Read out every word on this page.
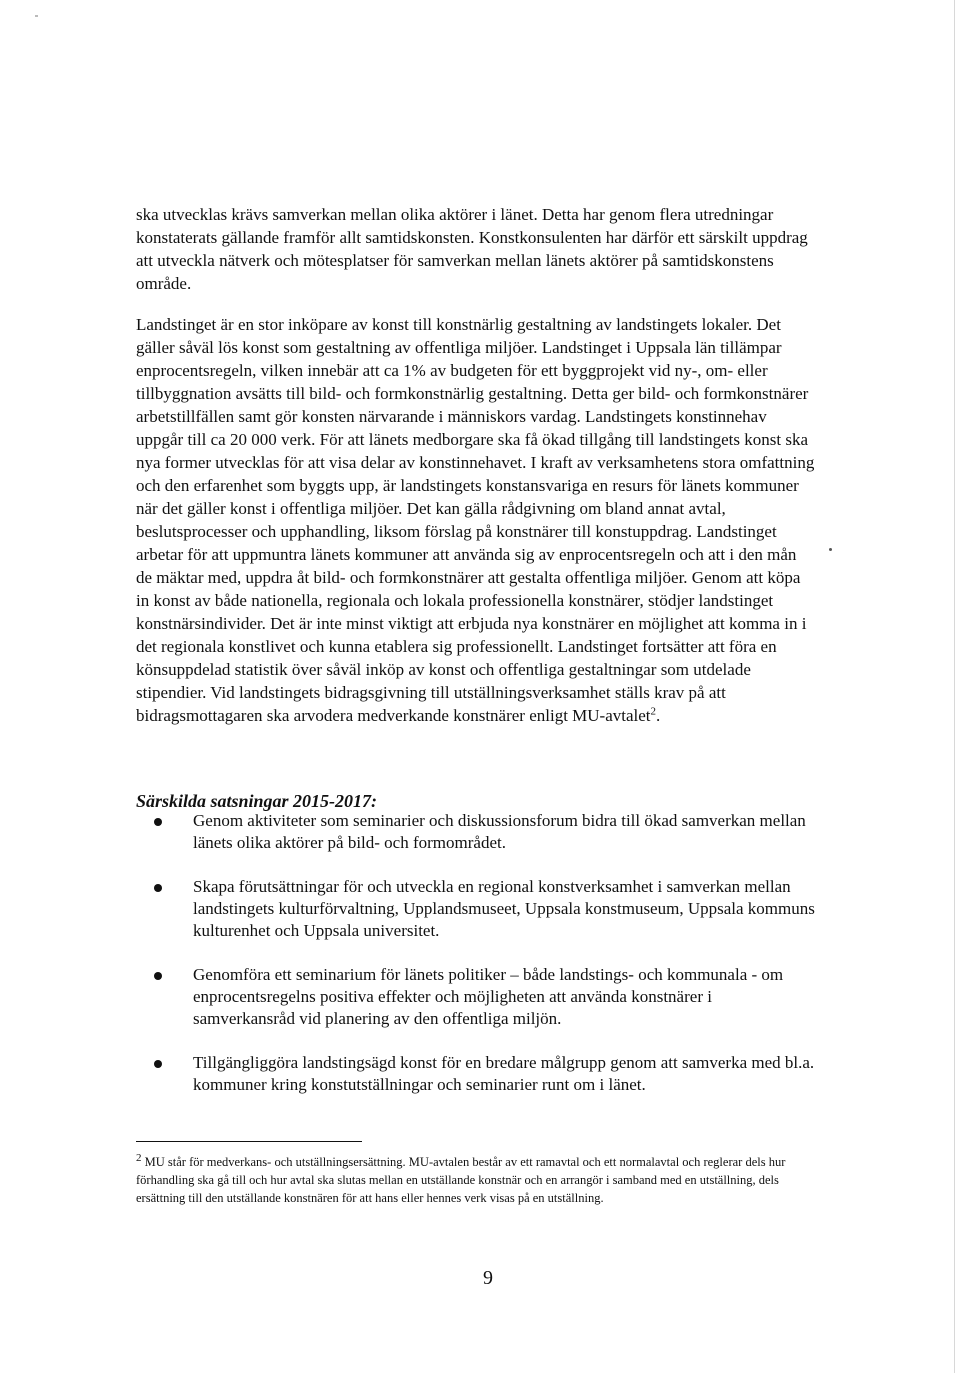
ska utvecklas krävs samverkan mellan olika aktörer i länet. Detta har genom flera utredningar konstaterats gällande framför allt samtidskonsten. Konstkonsulenten har därför ett särskilt uppdrag att utveckla nätverk och mötesplatser för samverkan mellan länets aktörer på samtidskonstens område.

Landstinget är en stor inköpare av konst till konstnärlig gestaltning av landstingets lokaler. Det gäller såväl lös konst som gestaltning av offentliga miljöer. Landstinget i Uppsala län tillämpar enprocentsregeln, vilken innebär att ca 1% av budgeten för ett byggprojekt vid ny-, om- eller tillbyggnation avsätts till bild- och formkonstnärlig gestaltning. Detta ger bild- och formkonstnärer arbetstillfällen samt gör konsten närvarande i människors vardag. Landstingets konstinnehav uppgår till ca 20 000 verk. För att länets medborgare ska få ökad tillgång till landstingets konst ska nya former utvecklas för att visa delar av konstinnehavet. I kraft av verksamhetens stora omfattning och den erfarenhet som byggts upp, är landstingets konstansvariga en resurs för länets kommuner när det gäller konst i offentliga miljöer. Det kan gälla rådgivning om bland annat avtal, beslutsprocesser och upphandling, liksom förslag på konstnärer till konstuppdrag. Landstinget arbetar för att uppmuntra länets kommuner att använda sig av enprocentsregeln och att i den mån de mäktar med, uppdra åt bild- och formkonstnärer att gestalta offentliga miljöer. Genom att köpa in konst av både nationella, regionala och lokala professionella konstnärer, stödjer landstinget konstnärsindivider. Det är inte minst viktigt att erbjuda nya konstnärer en möjlighet att komma in i det regionala konstlivet och kunna etablera sig professionellt. Landstinget fortsätter att föra en könsuppdelad statistik över såväl inköp av konst och offentliga gestaltningar som utdelade stipendier. Vid landstingets bidragsgivning till utställningsverksamhet ställs krav på att bidragsmottagaren ska arvodera medverkande konstnärer enligt MU-avtalet$^2$.

Särskilda satsningar 2015-2017:

Genom aktiviteter som seminarier och diskussionsforum bidra till ökad samverkan mellan länets olika aktörer på bild- och formområdet.
Skapa förutsättningar för och utveckla en regional konstverksamhet i samverkan mellan landstingets kulturförvaltning, Upplandsmuseet, Uppsala konstmuseum, Uppsala kommuns kulturenhet och Uppsala universitet.
Genomföra ett seminarium för länets politiker – både landstings- och kommunala - om enprocentsregelns positiva effekter och möjligheten att använda konstnärer i samverkansråd vid planering av den offentliga miljön.
Tillgängliggöra landstingsägd konst för en bredare målgrupp genom att samverka med bl.a. kommuner kring konstutställningar och seminarier runt om i länet.

2 MU står för medverkans- och utställningsersättning. MU-avtalen består av ett ramavtal och ett normalavtal och reglerar dels hur förhandling ska gå till och hur avtal ska slutas mellan en utställande konstnär och en arrangör i samband med en utställning, dels ersättning till den utställande konstnären för att hans eller hennes verk visas på en utställning.

9
